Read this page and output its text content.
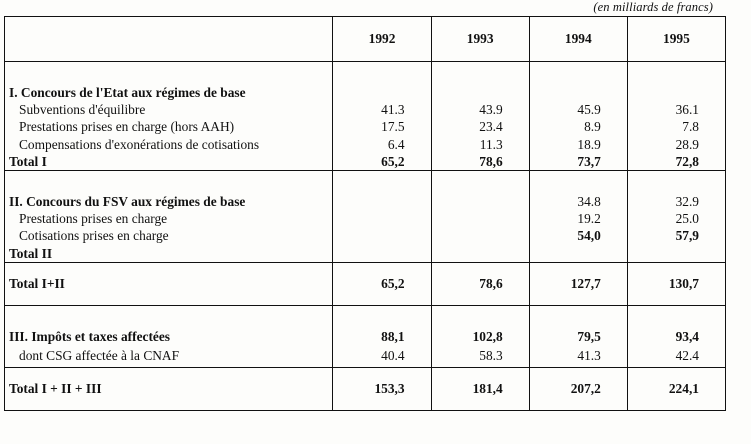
(en milliards de francs)
	1992	1993	1994	1995

I. Concours de l'Etat aux régimes de base				
Subventions d'équilibre	41.3	43.9	45.9	36.1
Prestations prises en charge (hors AAH)	17.5	23.4	8.9	7.8
Compensations d'exonérations de cotisations	6.4	11.3	18.9	28.9
Total I	65,2	78,6	73,7	72,8

II. Concours du FSV aux régimes de base			34.8	32.9
Prestations prises en charge			19.2	25.0
Cotisations prises en charge			54,0	57,9
Total II				
Total I+II	65,2	78,6	127,7	130,7

III. Impôts et taxes affectées	88,1	102,8	79,5	93,4
dont CSG affectée à la CNAF	40.4	58.3	41.3	42.4
Total I + II + III	153,3	181,4	207,2	224,1
